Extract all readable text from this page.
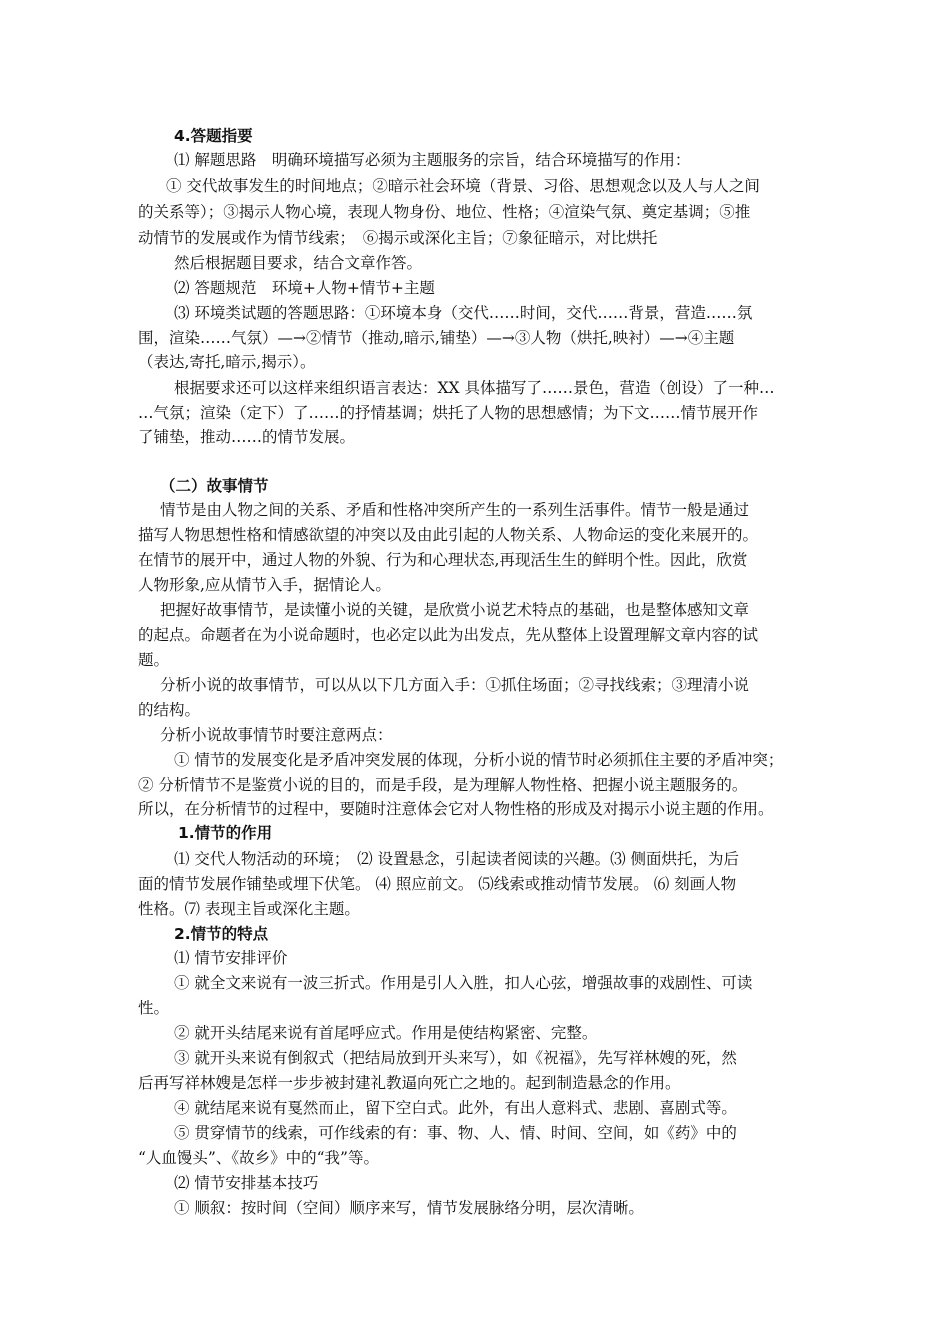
4.答题指要
⑴ 解题思路　明确环境描写必须为主题服务的宗旨，结合环境描写的作用：
① 交代故事发生的时间地点；②暗示社会环境（背景、习俗、思想观念以及人与人之间
的关系等）；③揭示人物心境，表现人物身份、地位、性格；④渲染气氛、奠定基调；⑤推
动情节的发展或作为情节线索；　⑥揭示或深化主旨；⑦象征暗示，对比烘托
然后根据题目要求，结合文章作答。
⑵ 答题规范　环境+人物+情节+主题
⑶ 环境类试题的答题思路：①环境本身（交代……时间，交代……背景，营造……氛
围，渲染……气氛）—→②情节（推动,暗示,铺垫）—→③人物（烘托,映衬）—→④主题
（表达,寄托,暗示,揭示）。
根据要求还可以这样来组织语言表达：XX 具体描写了……景色，营造（创设）了一种…
…气氛；渲染（定下）了……的抒情基调；烘托了人物的思想感情；为下文……情节展开作
了铺垫，推动……的情节发展。
（二）故事情节
情节是由人物之间的关系、矛盾和性格冲突所产生的一系列生活事件。情节一般是通过
描写人物思想性格和情感欲望的冲突以及由此引起的人物关系、人物命运的变化来展开的。
在情节的展开中，通过人物的外貌、行为和心理状态,再现活生生的鲜明个性。因此，欣赏
人物形象,应从情节入手，据情论人。
把握好故事情节，是读懂小说的关键，是欣赏小说艺术特点的基础，也是整体感知文章
的起点。命题者在为小说命题时，也必定以此为出发点，先从整体上设置理解文章内容的试
题。
分析小说的故事情节，可以从以下几方面入手：①抓住场面；②寻找线索；③理清小说
的结构。
分析小说故事情节时要注意两点：
① 情节的发展变化是矛盾冲突发展的体现，分析小说的情节时必须抓住主要的矛盾冲突；
② 分析情节不是鉴赏小说的目的，而是手段，是为理解人物性格、把握小说主题服务的。
所以，在分析情节的过程中，要随时注意体会它对人物性格的形成及对揭示小说主题的作用。
1.情节的作用
⑴ 交代人物活动的环境；　⑵ 设置悬念，引起读者阅读的兴趣。⑶ 侧面烘托，为后
面的情节发展作铺垫或埋下伏笔。 ⑷ 照应前文。 ⑸线索或推动情节发展。 ⑹ 刻画人物
性格。⑺ 表现主旨或深化主题。
2.情节的特点
⑴ 情节安排评价
① 就全文来说有一波三折式。作用是引人入胜，扣人心弦，增强故事的戏剧性、可读
性。
② 就开头结尾来说有首尾呼应式。作用是使结构紧密、完整。
③ 就开头来说有倒叙式（把结局放到开头来写），如《祝福》，先写祥林嫂的死，然
后再写祥林嫂是怎样一步步被封建礼教逼向死亡之地的。起到制造悬念的作用。
④ 就结尾来说有戛然而止，留下空白式。此外，有出人意料式、悲剧、喜剧式等。
⑤ 贯穿情节的线索，可作线索的有：事、物、人、情、时间、空间，如《药》中的
“人血馒头”、《故乡》中的“我”等。
⑵ 情节安排基本技巧
① 顺叙：按时间（空间）顺序来写，情节发展脉络分明，层次清晰。
